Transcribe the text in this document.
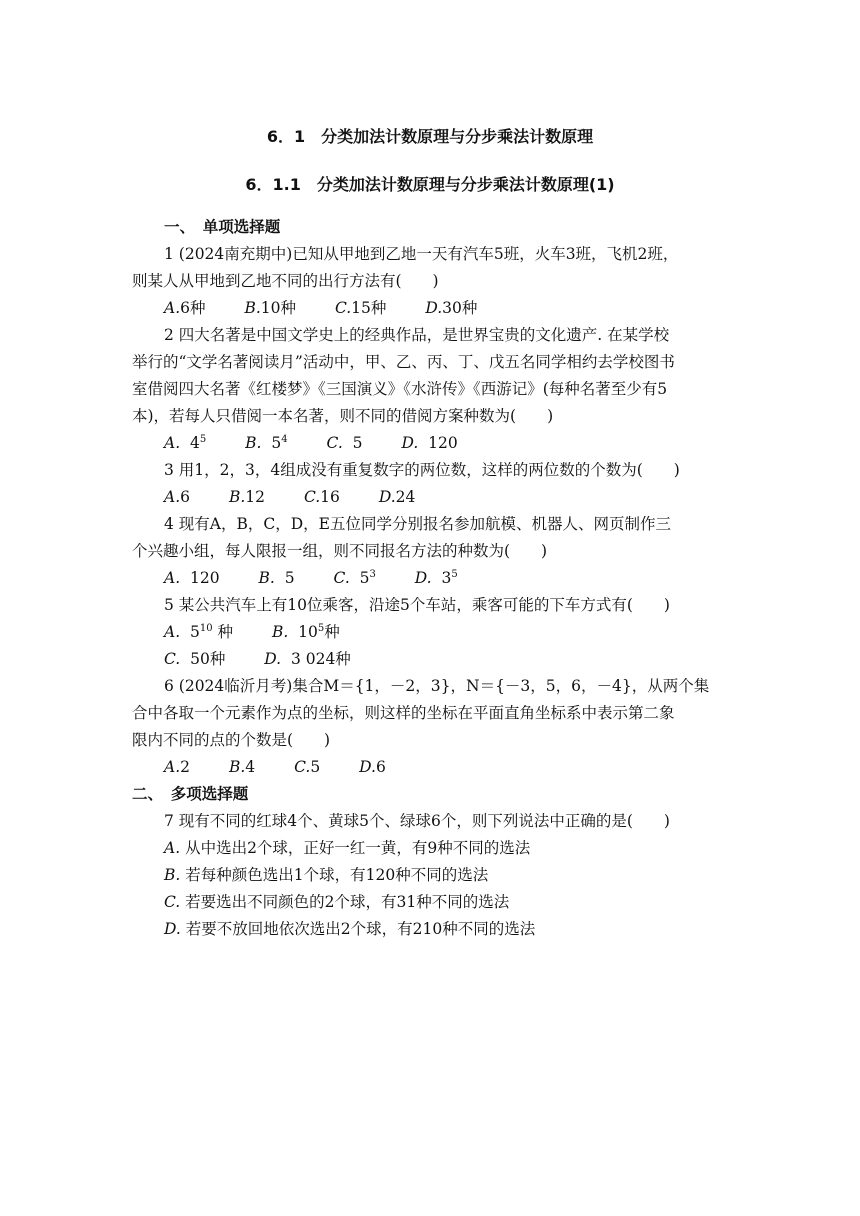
6．1　分类加法计数原理与分步乘法计数原理
6．1.1　分类加法计数原理与分步乘法计数原理(1)
一、　单项选择题
1 (2024南充期中)已知从甲地到乙地一天有汽车5班，火车3班，飞机2班，
则某人从甲地到乙地不同的出行方法有(　　)
A.6种	B.10种	C.15种	D.30种
2 四大名著是中国文学史上的经典作品，是世界宝贵的文化遗产. 在某学校
举行的“文学名著阅读月”活动中，甲、乙、丙、丁、戊五名同学相约去学校图书
室借阅四大名著《红楼梦》《三国演义》《水浒传》《西游记》(每种名著至少有5
本)，若每人只借阅一本名著，则不同的借阅方案种数为(　　)
A. $4^5$	B. $5^4$	C. 5	D. 120
3 用1，2，3，4组成没有重复数字的两位数，这样的两位数的个数为(　　)
A.6	B.12	C.16	D.24
4 现有A，B，C，D，E五位同学分别报名参加航模、机器人、网页制作三
个兴趣小组，每人限报一组，则不同报名方法的种数为(　　)
A. 120	B. 5	C. $5^3$	D. $3^5$
5 某公共汽车上有10位乘客，沿途5个车站，乘客可能的下车方式有(　　)
A. $5^{10}$ 种	B. $10^5$种
C. 50种	D. 3 024种
6 (2024临沂月考)集合M＝{1，－2，3}，N＝{－3，5，6，－4}，从两个集
合中各取一个元素作为点的坐标，则这样的坐标在平面直角坐标系中表示第二象
限内不同的点的个数是(　　)
A.2	B.4	C.5	D.6
二、　多项选择题
7 现有不同的红球4个、黄球5个、绿球6个，则下列说法中正确的是(　　)
A. 从中选出2个球，正好一红一黄，有9种不同的选法
B. 若每种颜色选出1个球，有120种不同的选法
C. 若要选出不同颜色的2个球，有31种不同的选法
D. 若要不放回地依次选出2个球，有210种不同的选法
